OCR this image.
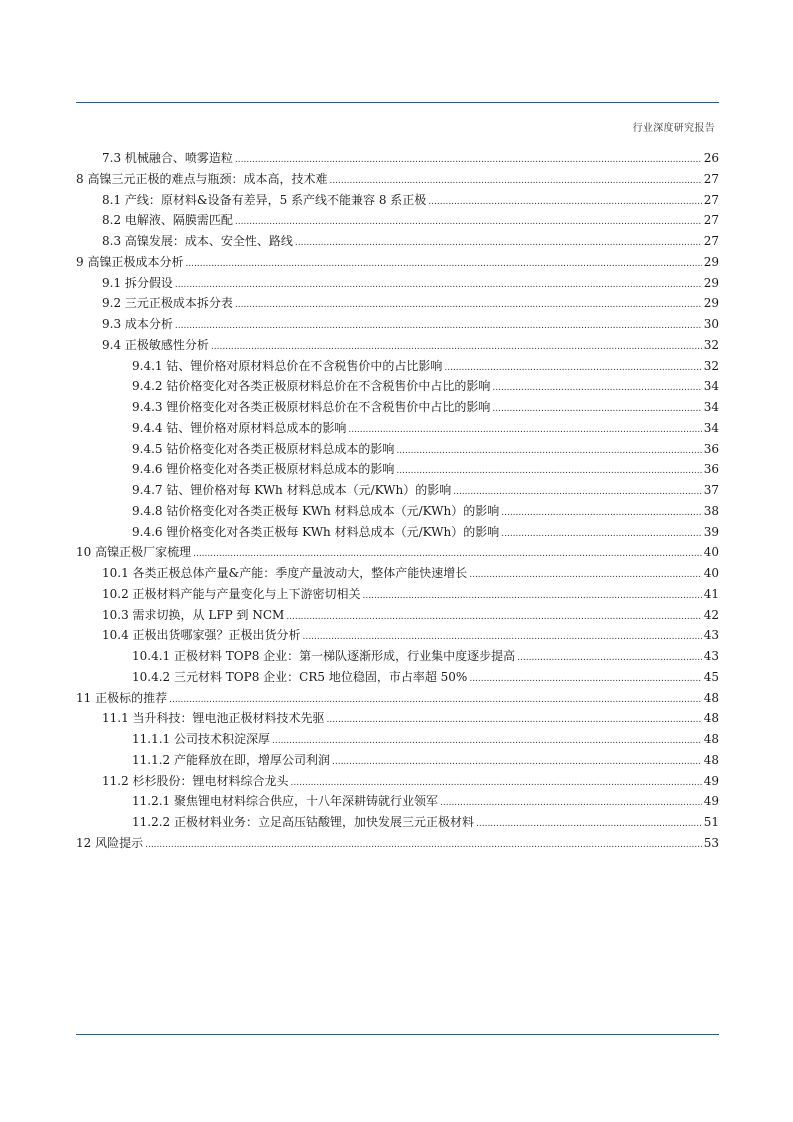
行业深度研究报告
7.3 机械融合、喷雾造粒 .....	26
8 高镍三元正极的难点与瓶颈：成本高，技术难 .....	27
8.1 产线：原材料&设备有差异，5 系产线不能兼容 8 系正极 .....	27
8.2 电解液、隔膜需匹配 .....	27
8.3 高镍发展：成本、安全性、路线 .....	27
9 高镍正极成本分析 .....	29
9.1 拆分假设 .....	29
9.2 三元正极成本拆分表 .....	29
9.3 成本分析 .....	30
9.4 正极敏感性分析 .....	32
9.4.1 钴、锂价格对原材料总价在不含税售价中的占比影响 .....	32
9.4.2 钴价格变化对各类正极原材料总价在不含税售价中占比的影响 .....	34
9.4.3 锂价格变化对各类正极原材料总价在不含税售价中占比的影响 .....	34
9.4.4 钴、锂价格对原材料总成本的影响 .....	34
9.4.5 钴价格变化对各类正极原材料总成本的影响 .....	36
9.4.6 锂价格变化对各类正极原材料总成本的影响 .....	36
9.4.7 钴、锂价格对每 KWh 材料总成本（元/KWh）的影响 .....	37
9.4.8 钴价格变化对各类正极每 KWh 材料总成本（元/KWh）的影响 .....	38
9.4.6 锂价格变化对各类正极每 KWh 材料总成本（元/KWh）的影响 .....	39
10 高镍正极厂家梳理 .....	40
10.1 各类正极总体产量&产能：季度产量波动大，整体产能快速增长 .....	40
10.2 正极材料产能与产量变化与上下游密切相关 .....	41
10.3 需求切换，从 LFP 到 NCM .....	42
10.4 正极出货哪家强？正极出货分析 .....	43
10.4.1 正极材料 TOP8 企业：第一梯队逐渐形成，行业集中度逐步提高 .....	43
10.4.2 三元材料 TOP8 企业：CR5 地位稳固，市占率超 50% .....	45
11 正极标的推荐 .....	48
11.1 当升科技：锂电池正极材料技术先驱 .....	48
11.1.1 公司技术积淀深厚 .....	48
11.1.2 产能释放在即，增厚公司利润 .....	48
11.2 杉杉股份：锂电材料综合龙头 .....	49
11.2.1 聚焦锂电材料综合供应，十八年深耕铸就行业领军 .....	49
11.2.2 正极材料业务：立足高压钴酸锂，加快发展三元正极材料 .....	51
12 风险提示 .....	53
